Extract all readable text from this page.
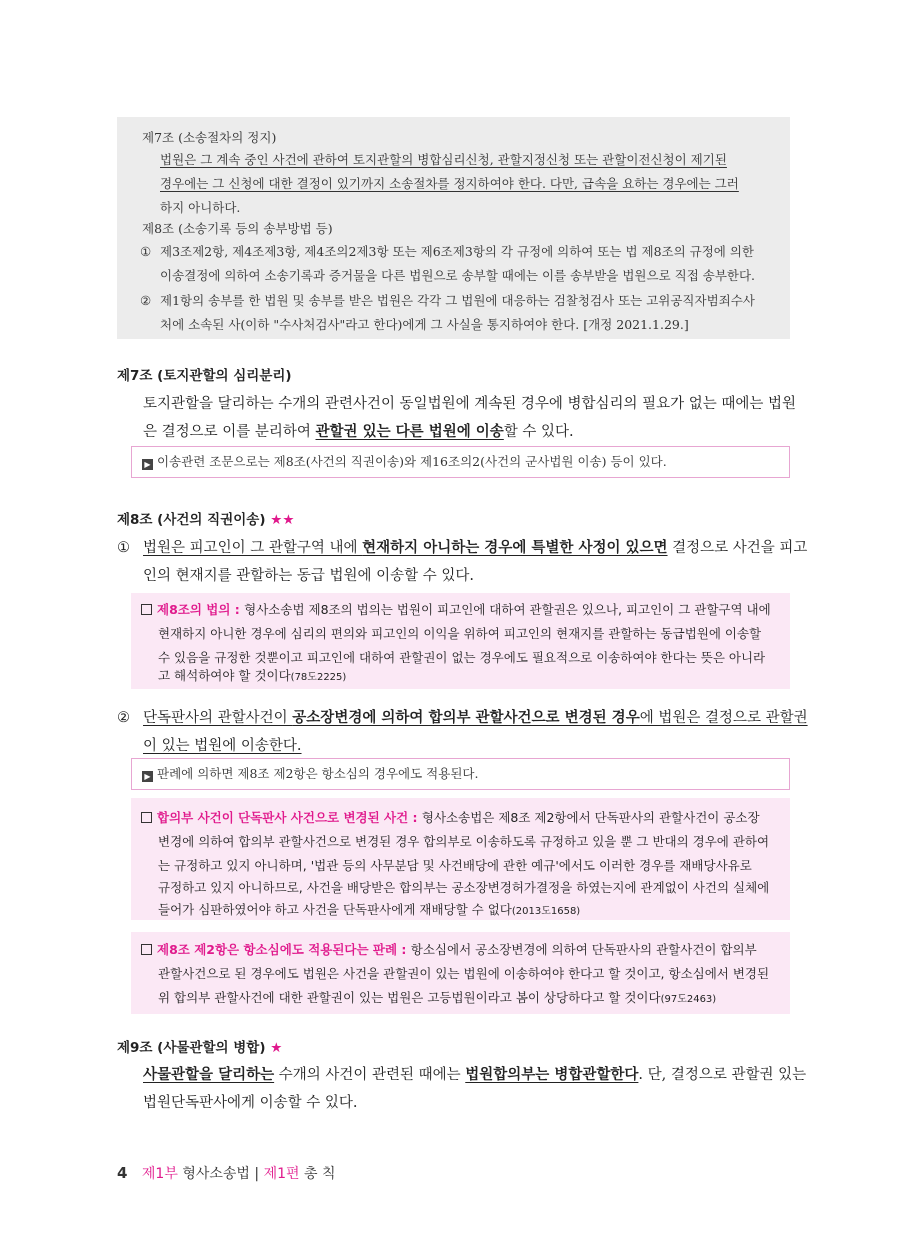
제7조 (소송절차의 정지)
법원은 그 계속 중인 사건에 관하여 토지관할의 병합심리신청, 관할지정신청 또는 관할이전신청이 제기된
경우에는 그 신청에 대한 결정이 있기까지 소송절차를 정지하여야 한다. 다만, 급속을 요하는 경우에는 그러
하지 아니하다.
제8조 (소송기록 등의 송부방법 등)
① 제3조제2항, 제4조제3항, 제4조의2제3항 또는 제6조제3항의 각 규정에 의하여 또는 법 제8조의 규정에 의한
이송결정에 의하여 소송기록과 증거물을 다른 법원으로 송부할 때에는 이를 송부받을 법원으로 직접 송부한다.
② 제1항의 송부를 한 법원 및 송부를 받은 법원은 각각 그 법원에 대응하는 검찰청검사 또는 고위공직자범죄수사
처에 소속된 사(이하 "수사처검사"라고 한다)에게 그 사실을 통지하여야 한다. [개정 2021.1.29.]
제7조 (토지관할의 심리분리)
토지관할을 달리하는 수개의 관련사건이 동일법원에 계속된 경우에 병합심리의 필요가 없는 때에는 법원
은 결정으로 이를 분리하여 관할권 있는 다른 법원에 이송할 수 있다.
▶ 이송관련 조문으로는 제8조(사건의 직권이송)와 제16조의2(사건의 군사법원 이송) 등이 있다.
제8조 (사건의 직권이송) ★★
① 법원은 피고인이 그 관할구역 내에 현재하지 아니하는 경우에 특별한 사정이 있으면 결정으로 사건을 피고
인의 현재지를 관할하는 동급 법원에 이송할 수 있다.
제8조의 법의 : 형사소송법 제8조의 법의는 법원이 피고인에 대하여 관할권은 있으나, 피고인이 그 관할구역 내에
현재하지 아니한 경우에 심리의 편의와 피고인의 이익을 위하여 피고인의 현재지를 관할하는 동급법원에 이송할
수 있음을 규정한 것뿐이고 피고인에 대하여 관할권이 없는 경우에도 필요적으로 이송하여야 한다는 뜻은 아니라
고 해석하여야 할 것이다(78도2225)
② 단독판사의 관할사건이 공소장변경에 의하여 합의부 관할사건으로 변경된 경우에 법원은 결정으로 관할권
이 있는 법원에 이송한다.
▶ 판례에 의하면 제8조 제2항은 항소심의 경우에도 적용된다.
합의부 사건이 단독판사 사건으로 변경된 사건 : 형사소송법은 제8조 제2항에서 단독판사의 관할사건이 공소장
변경에 의하여 합의부 관할사건으로 변경된 경우 합의부로 이송하도록 규정하고 있을 뿐 그 반대의 경우에 관하여
는 규정하고 있지 아니하며, '법관 등의 사무분담 및 사건배당에 관한 예규'에서도 이러한 경우를 재배당사유로
규정하고 있지 아니하므로, 사건을 배당받은 합의부는 공소장변경허가결정을 하였는지에 관계없이 사건의 실체에
들어가 심판하였어야 하고 사건을 단독판사에게 재배당할 수 없다(2013도1658)
제8조 제2항은 항소심에도 적용된다는 판례 : 항소심에서 공소장변경에 의하여 단독판사의 관할사건이 합의부
관할사건으로 된 경우에도 법원은 사건을 관할권이 있는 법원에 이송하여야 한다고 할 것이고, 항소심에서 변경된
위 합의부 관할사건에 대한 관할권이 있는 법원은 고등법원이라고 봄이 상당하다고 할 것이다(97도2463)
제9조 (사물관할의 병합) ★
사물관할을 달리하는 수개의 사건이 관련된 때에는 법원합의부는 병합관할한다. 단, 결정으로 관할권 있는
법원단독판사에게 이송할 수 있다.
4 제1부 형사소송법 | 제1편 총 칙
